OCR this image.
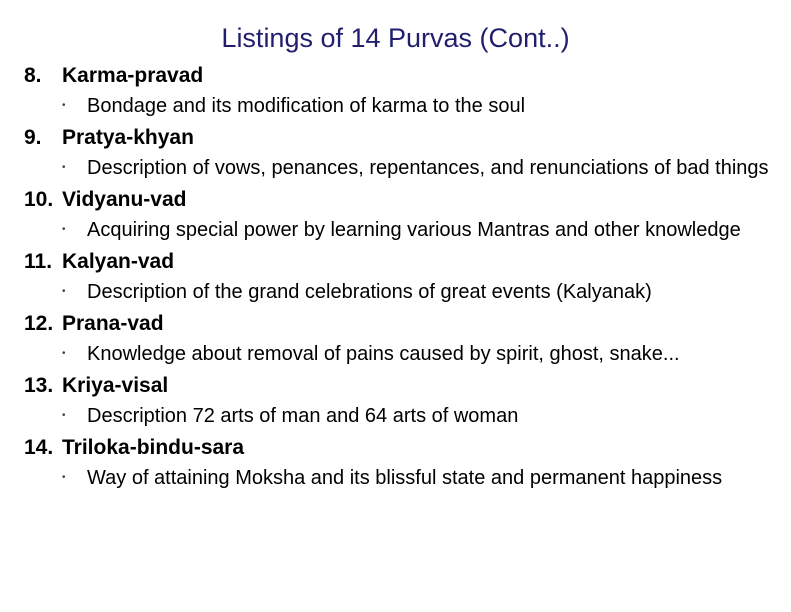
Listings of 14 Purvas (Cont..)
8. Karma-pravad
•	Bondage and its modification of karma to the soul
9. Pratya-khyan
•	Description of vows, penances, repentances, and renunciations of bad things
10. Vidyanu-vad
•	Acquiring special power by learning various Mantras and other knowledge
11. Kalyan-vad
•	Description of the grand celebrations of great events (Kalyanak)
12. Prana-vad
•	Knowledge about removal of pains caused by spirit, ghost, snake...
13. Kriya-visal
•	Description 72 arts of man and 64 arts of woman
14. Triloka-bindu-sara
•	Way of attaining Moksha and its blissful state and permanent happiness
